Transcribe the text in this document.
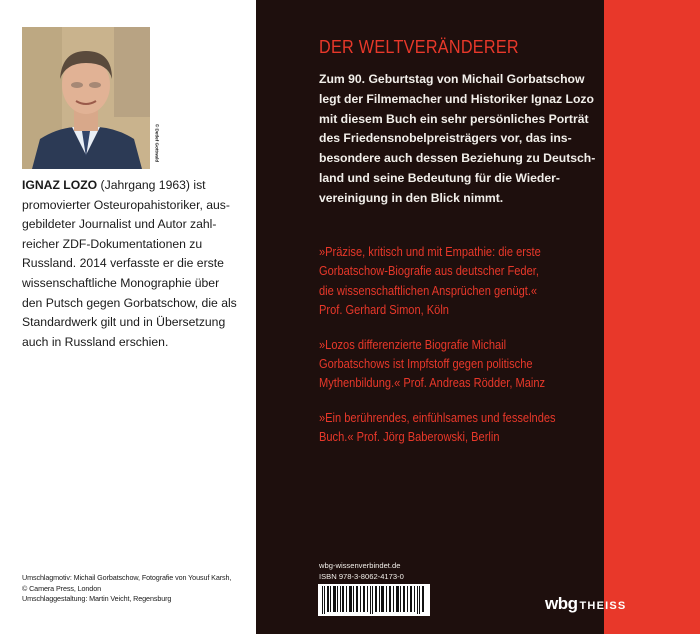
© Detlef Gottwald

IGNAZ LOZO (Jahrgang 1963) ist

promovierter Osteuropahistoriker, aus-

gebildeter Journalist und Autor zahl-

reicher ZDF-Dokumentationen zu

Russland. 2014 verfasste er die erste

wissenschaftliche Monographie über

den Putsch gegen Gorbatschow, die als

Standardwerk gilt und in Übersetzung

auch in Russland erschien.

Umschlagmotiv: Michail Gorbatschow, Fotografie von Yousuf Karsh,

© Camera Press, London

Umschlaggestaltung: Martin Veicht, Regensburg

DER WELTVERÄNDERER

Zum 90. Geburtstag von Michail Gorbatschow

legt der Filmemacher und Historiker Ignaz Lozo

mit diesem Buch ein sehr persönliches Porträt

des Friedensnobelpreisträgers vor, das ins-

besondere auch dessen Beziehung zu Deutsch-

land und seine Bedeutung für die Wieder-

vereinigung in den Blick nimmt.

»Präzise, kritisch und mit Empathie: die erste

Gorbatschow-Biografie aus deutscher Feder,

die wissenschaftlichen Ansprüchen genügt.«

Prof. Gerhard Simon, Köln

»Lozos differenzierte Biografie Michail

Gorbatschows ist Impfstoff gegen politische

Mythenbildung.« Prof. Andreas Rödder, Mainz

»Ein berührendes, einfühlsames und fesselndes

Buch.« Prof. Jörg Baberowski, Berlin

wbg-wissenverbindet.de

ISBN 978-3-8062-4173-0

wbg THEISS
